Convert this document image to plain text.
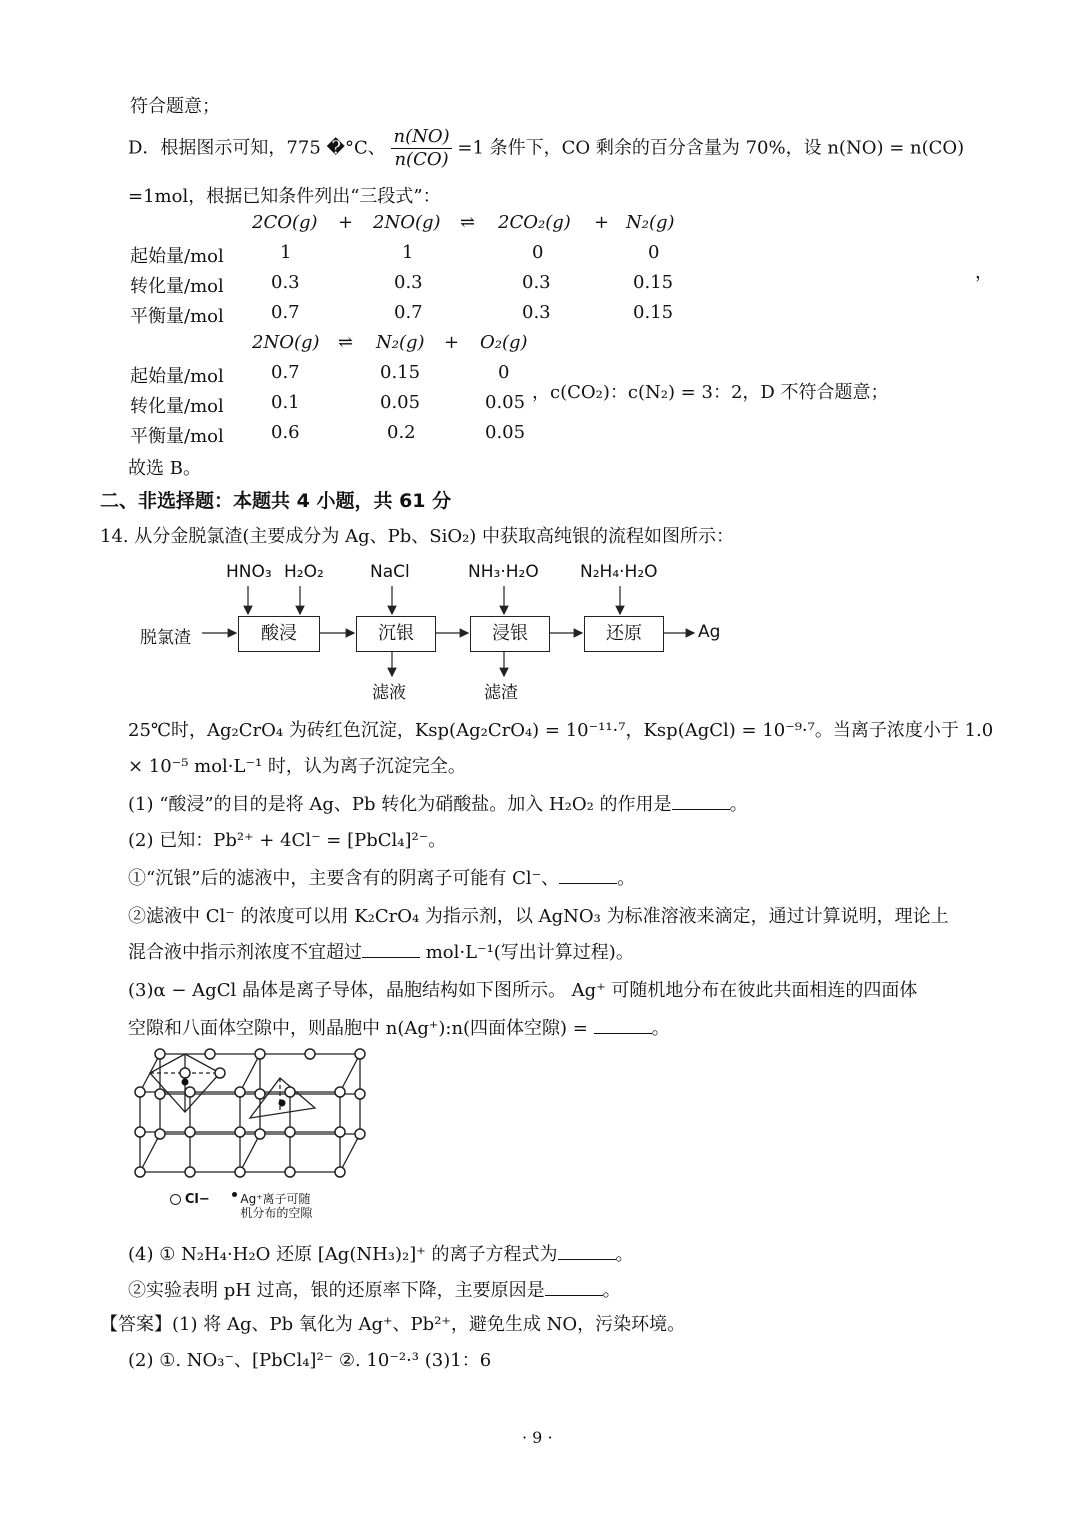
符合题意；
D．根据图示可知，775 �°C、 $\frac{n(NO)}{n(CO)} =1$ 条件下，CO 剩余的百分含量为 70%，设 n(NO) = n(CO)
=1mol，根据已知条件列出“三段式”：
2CO(g) + 2NO(g) ⇌ 2CO₂(g) + N₂(g)
起始量/mol	1	1	0	0
转化量/mol	0.3	0.3	0.3	0.15
平衡量/mol	0.7	0.7	0.3	0.15
，
2NO(g) ⇌ N₂(g) + O₂(g)
起始量/mol	0.7	0.15	0
转化量/mol	0.1	0.05	0.05
平衡量/mol	0.6	0.2	0.05
，c(CO₂)：c(N₂) = 3：2，D 不符合题意；
故选 B。
二、非选择题：本题共 4 小题，共 61 分
14. 从分金脱氯渣(主要成分为 Ag、Pb、SiO₂) 中获取高纯银的流程如图所示：
脱氯渣	酸浸	沉银	浸银	还原	Ag
HNO₃ H₂O₂	NaCl	NH₃·H₂O N₂H₄·H₂O
滤液	滤渣
25℃时，Ag₂CrO₄ 为砖红色沉淀，Ksp(Ag₂CrO₄) = 10⁻¹¹·⁷，Ksp(AgCl) = 10⁻⁹·⁷。当离子浓度小于 1.0
× 10⁻⁵ mol·L⁻¹ 时，认为离子沉淀完全。
(1) “酸浸”的目的是将 Ag、Pb 转化为硝酸盐。加入 H₂O₂ 的作用是	。
(2) 已知：Pb²⁺ + 4Cl⁻ = [PbCl₄]²⁻。
①“沉银”后的滤液中，主要含有的阴离子可能有 Cl⁻、	。
②滤液中 Cl⁻ 的浓度可以用 K₂CrO₄ 为指示剂，以 AgNO₃ 为标准溶液来滴定，通过计算说明，理论上
混合液中指示剂浓度不宜超过	mol·L⁻¹(写出计算过程)。
(3)α − AgCl 晶体是离子导体，晶胞结构如下图所示。 Ag⁺ 可随机地分布在彼此共面相连的四面体
空隙和八面体空隙中，则晶胞中 n(Ag⁺):n(四面体空隙) =	。
Cl−	Ag⁺离子可随
机分布的空隙
(4) ① N₂H₄·H₂O 还原 [Ag(NH₃)₂]⁺ 的离子方程式为	。
②实验表明 pH 过高，银的还原率下降，主要原因是	。
【答案】(1) 将 Ag、Pb 氧化为 Ag⁺、Pb²⁺，避免生成 NO，污染环境。
(2) ①. NO₃⁻、[PbCl₄]²⁻ ②. 10⁻²·³ (3)1：6
· 9 ·
